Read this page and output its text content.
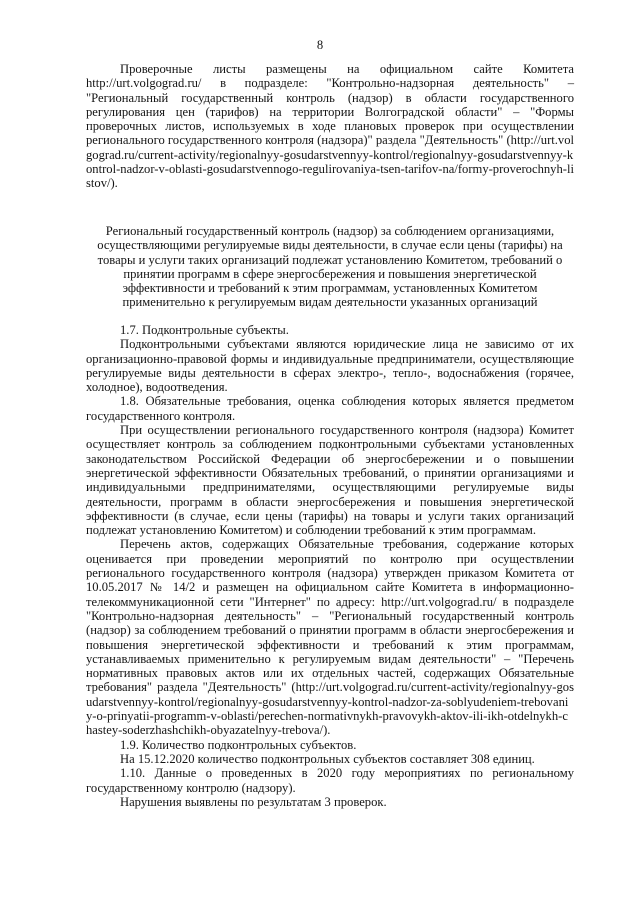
8

Проверочные листы размещены на официальном сайте Комитета http://urt.volgograd.ru/ в подразделе: "Контрольно-надзорная деятельность" – "Региональный государственный контроль (надзор) в области государственного регулирования цен (тарифов) на территории Волгоградской области" – "Формы проверочных листов, используемых в ходе плановых проверок при осуществлении регионального государственного контроля (надзора)" раздела "Деятельность" (http://urt.volgograd.ru/current-activity/regionalnyy-gosudarstvennyy-kontrol/regionalnyy-gosudarstvennyy-kontrol-nadzor-v-oblasti-gosudarstvennogo-regulirovaniya-tsen-tarifov-na/formy-proverochnyh-listov/).

Региональный государственный контроль (надзор) за соблюдением организациями, осуществляющими регулируемые виды деятельности, в случае если цены (тарифы) на товары и услуги таких организаций подлежат установлению Комитетом, требований о принятии программ в сфере энергосбережения и повышения энергетической эффективности и требований к этим программам, установленных Комитетом применительно к регулируемым видам деятельности указанных организаций

1.7. Подконтрольные субъекты.

Подконтрольными субъектами являются юридические лица не зависимо от их организационно-правовой формы и индивидуальные предприниматели, осуществляющие регулируемые виды деятельности в сферах электро-, тепло-, водоснабжения (горячее, холодное), водоотведения.

1.8. Обязательные требования, оценка соблюдения которых является предметом государственного контроля.

При осуществлении регионального государственного контроля (надзора) Комитет осуществляет контроль за соблюдением подконтрольными субъектами установленных законодательством Российской Федерации об энергосбережении и о повышении энергетической эффективности Обязательных требований, о принятии организациями и индивидуальными предпринимателями, осуществляющими регулируемые виды деятельности, программ в области энергосбережения и повышения энергетической эффективности (в случае, если цены (тарифы) на товары и услуги таких организаций подлежат установлению Комитетом) и соблюдении требований к этим программам.

Перечень актов, содержащих Обязательные требования, содержание которых оценивается при проведении мероприятий по контролю при осуществлении регионального государственного контроля (надзора) утвержден приказом Комитета от 10.05.2017 № 14/2 и размещен на официальном сайте Комитета в информационно-телекоммуникационной сети "Интернет" по адресу: http://urt.volgograd.ru/ в подразделе "Контрольно-надзорная деятельность" – "Региональный государственный контроль (надзор) за соблюдением требований о принятии программ в области энергосбережения и повышения энергетической эффективности и требований к этим программам, устанавливаемых применительно к регулируемым видам деятельности" – "Перечень нормативных правовых актов или их отдельных частей, содержащих Обязательные требования" раздела "Деятельность" (http://urt.volgograd.ru/current-activity/regionalnyy-gosudarstvennyy-kontrol/regionalnyy-gosudarstvennyy-kontrol-nadzor-za-soblyudeniem-trebovaniy-o-prinyatii-programm-v-oblasti/perechen-normativnykh-pravovykh-aktov-ili-ikh-otdelnykh-chastey-soderzhashchikh-obyazatelnyy-trebova/).

1.9. Количество подконтрольных субъектов.

На 15.12.2020 количество подконтрольных субъектов составляет 308 единиц.

1.10. Данные о проведенных в 2020 году мероприятиях по региональному государственному контролю (надзору).

Нарушения выявлены по результатам 3 проверок.
